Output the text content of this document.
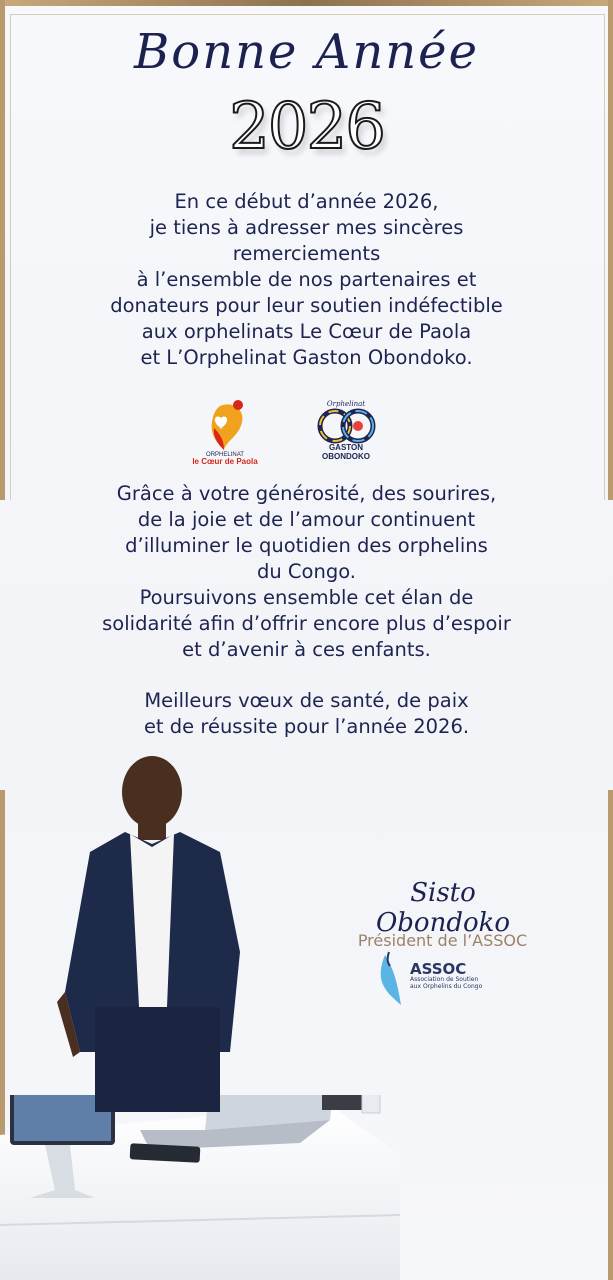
Bonne Année
2026
En ce début d’année 2026,
je tiens à adresser mes sincères
remerciements
à l’ensemble de nos partenaires et
donateurs pour leur soutien indéfectible
aux orphelinats Le Cœur de Paola
et L’Orphelinat Gaston Obondoko.
ORPHELINAT
le Cœur de Paola
Orphelinat
GASTON
OBONDOKO
Grâce à votre générosité, des sourires,
de la joie et de l’amour continuent
d’illuminer le quotidien des orphelins
du Congo.
Poursuivons ensemble cet élan de
solidarité afin d’offrir encore plus d’espoir
et d’avenir à ces enfants.
Meilleurs vœux de santé, de paix
et de réussite pour l’année 2026.
Sisto Obondoko
Président de l’ASSOC
ASSOC
Association de Soutien
aux Orphelins du Congo
